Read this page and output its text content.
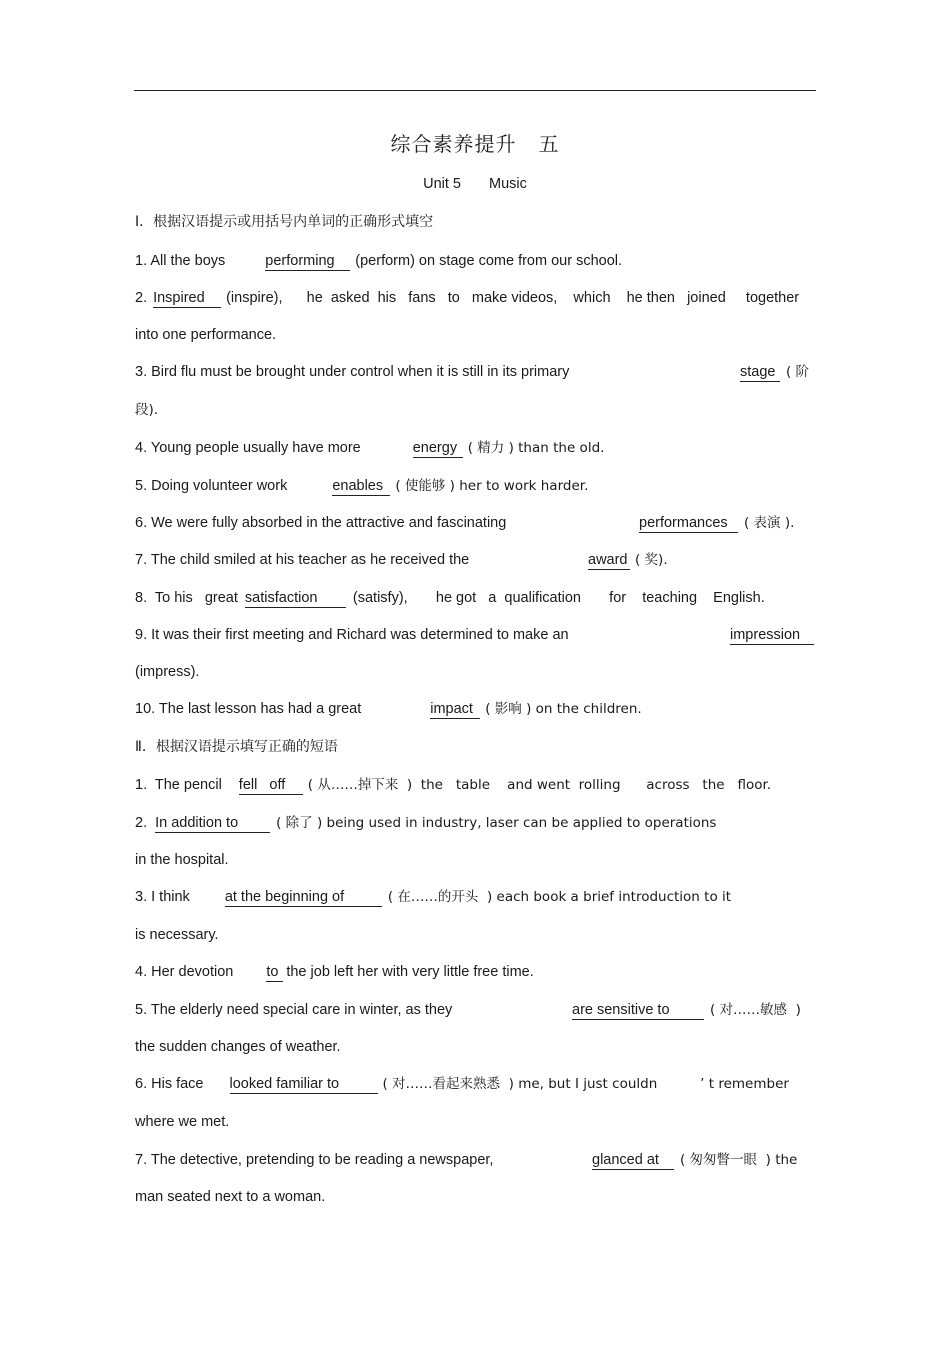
综合素养提升 五
Unit 5 Music
Ⅰ．根据汉语提示或用括号内单词的正确形式填空
1. All the boys	performing (perform) on stage come from our school.
2. Inspired (inspire),      he  asked  his   fans   to   make videos,    which    he then   joined     together
into one performance.
3. Bird flu must be brought under control when it is still in its primary	stage ( 阶
段).
4. Young people usually have more	energy ( 精力 ) than the old.
5. Doing volunteer work	enables ( 使能够 ) her to work harder.
6. We were fully absorbed in the attractive and fascinating	performances ( 表演 ).
7. The child smiled at his teacher as he received the	award ( 奖).
8.  To his   great satisfaction (satisfy),       he got   a  qualification       for    teaching    English.
9. It was their first meeting and Richard was determined to make an	impression
(impress).
10. The last lesson has had a great	impact ( 影响 ) on the children.
Ⅱ．根据汉语提示填写正确的短语
1.  The pencil fell   off ( 从……掉下来  )  the   table    and went  rolling      across   the   floor.
2. In addition to	( 除了 ) being used in industry, laser can be applied to operations
in the hospital.
3. I think at the beginning of	( 在……的开头  ) each book a brief introduction to it
is necessary.
4. Her devotion to the job left her with very little free time.
5. The elderly need special care in winter, as they	are sensitive to	( 对……敏感  )
the sudden changes of weather.
6. His face looked familiar to	( 对……看起来熟悉  ) me, but I just couldn          ’ t remember
where we met.
7. The detective, pretending to be reading a newspaper,	glanced at ( 匆匆瞥一眼  ) the
man seated next to a woman.
